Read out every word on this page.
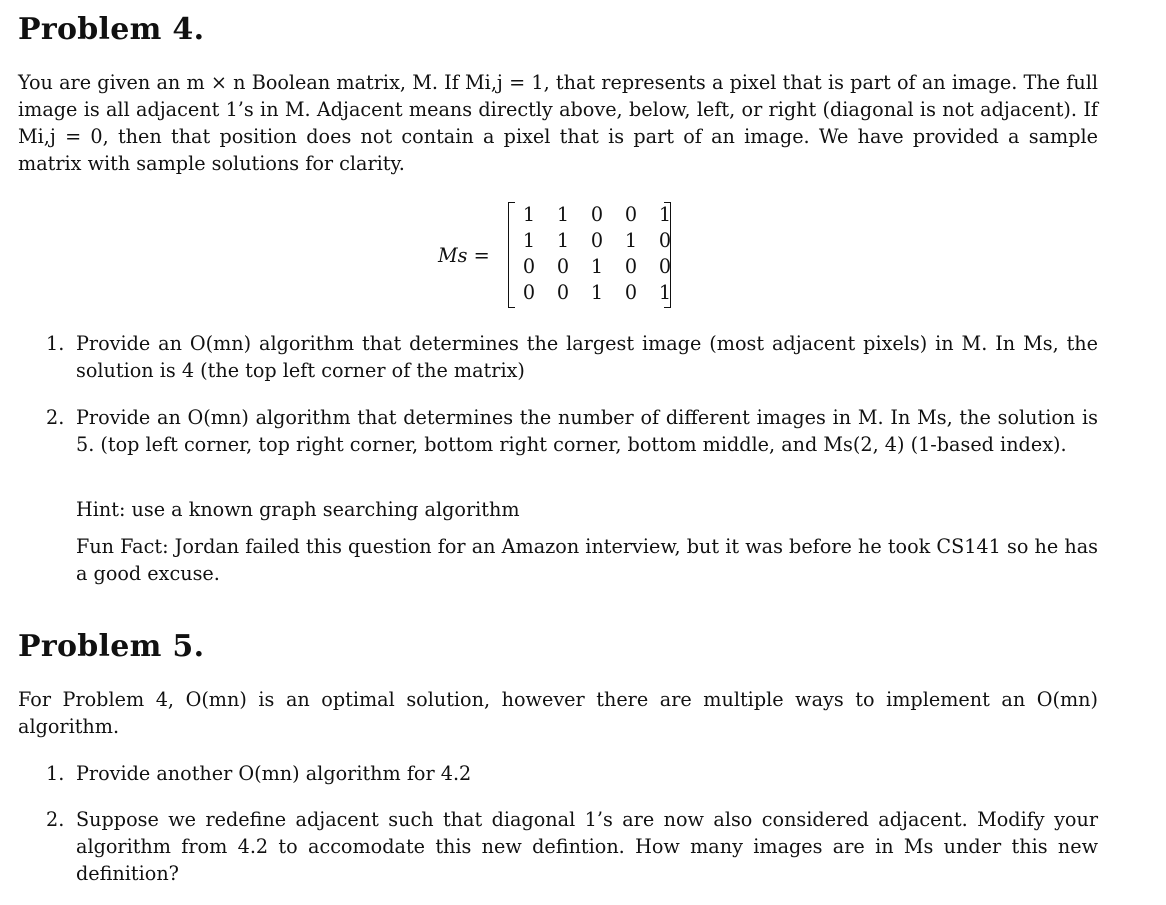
Problem 4.
You are given an m × n Boolean matrix, M. If Mi,j = 1, that represents a pixel that is part of an image. The full image is all adjacent 1’s in M. Adjacent means directly above, below, left, or right (diagonal is not adjacent). If Mi,j = 0, then that position does not contain a pixel that is part of an image. We have provided a sample matrix with sample solutions for clarity.
Ms =
1	1	0	0	1
1	1	0	1	0
0	0	1	0	0
0	0	1	0	1
1. Provide an O(mn) algorithm that determines the largest image (most adjacent pixels) in M. In Ms, the solution is 4 (the top left corner of the matrix)
2. Provide an O(mn) algorithm that determines the number of different images in M. In Ms, the solution is 5. (top left corner, top right corner, bottom right corner, bottom middle, and Ms(2, 4) (1-based index).
Hint: use a known graph searching algorithm
Fun Fact: Jordan failed this question for an Amazon interview, but it was before he took CS141 so he has a good excuse.
Problem 5.
For Problem 4, O(mn) is an optimal solution, however there are multiple ways to implement an O(mn) algorithm.
1. Provide another O(mn) algorithm for 4.2
2. Suppose we redefine adjacent such that diagonal 1’s are now also considered adjacent. Modify your algorithm from 4.2 to accomodate this new defintion. How many images are in Ms under this new definition?
